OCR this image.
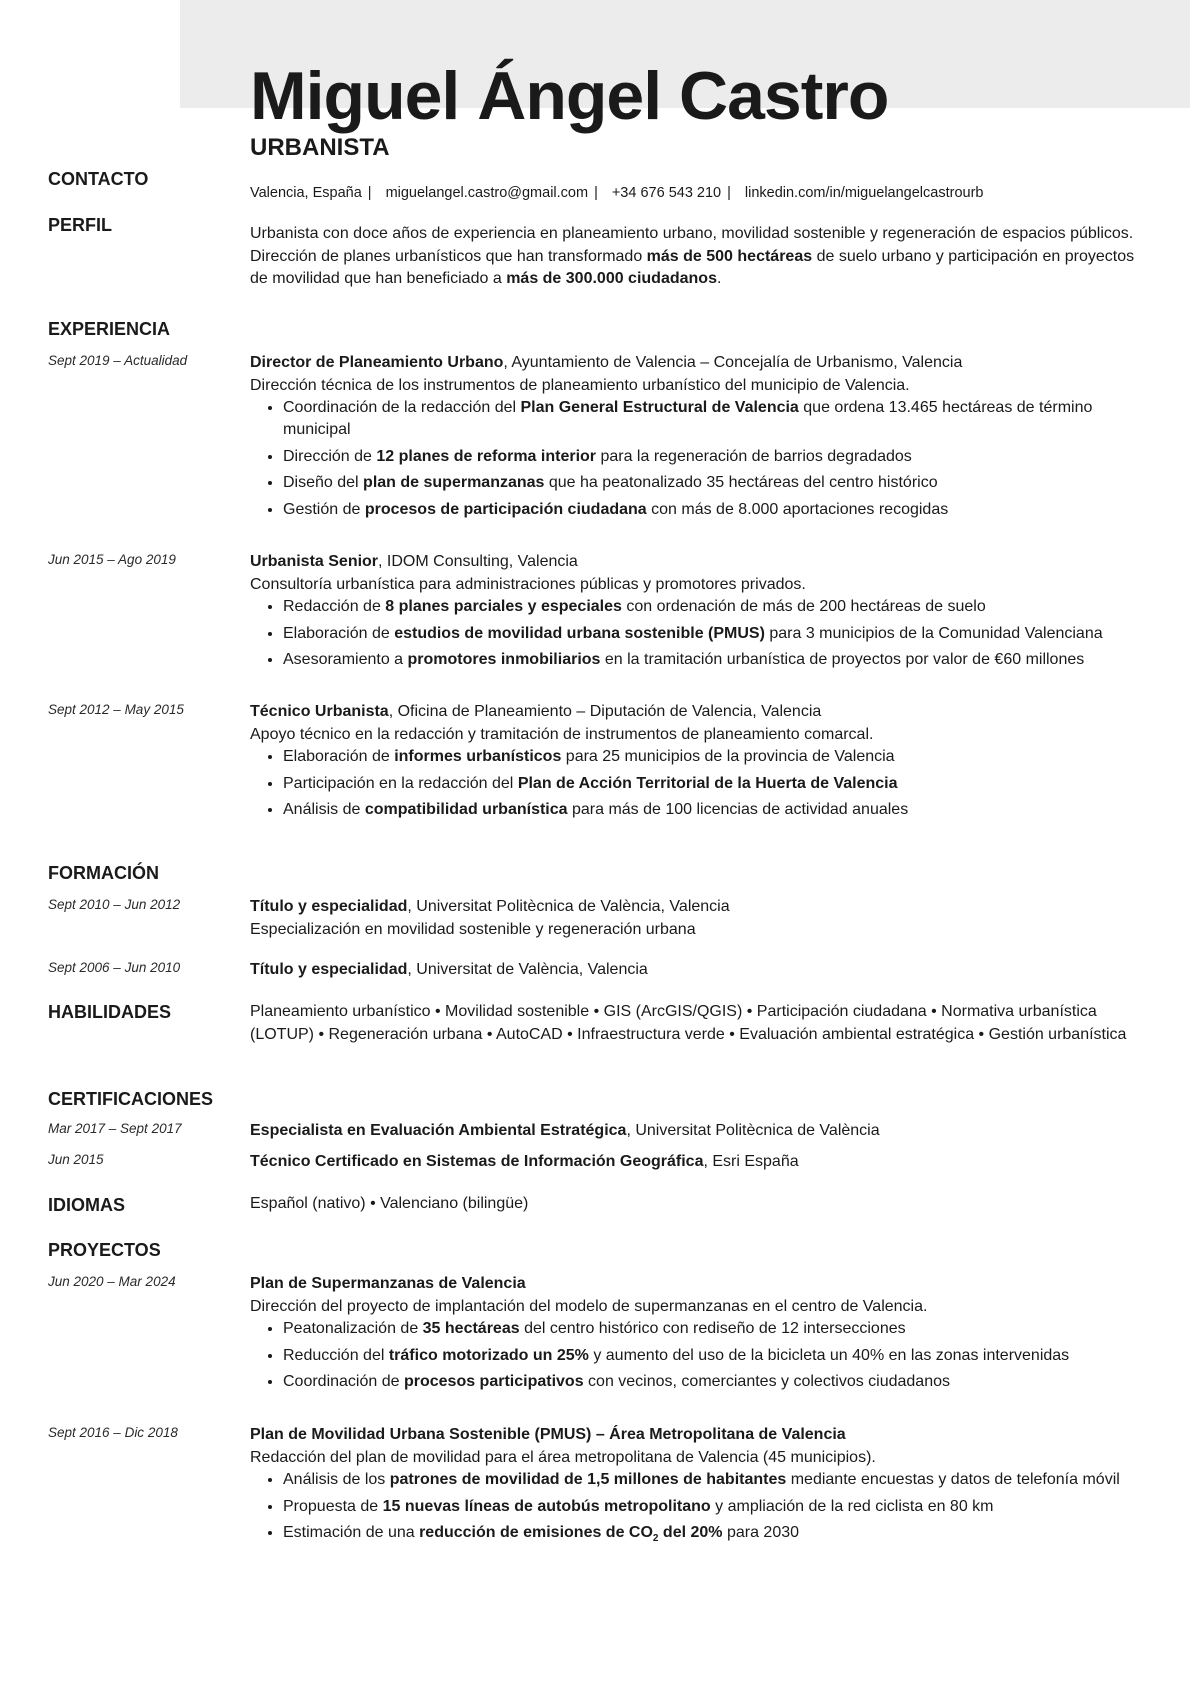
Miguel Ángel Castro
URBANISTA
CONTACTO
Valencia, España | miguelangel.castro@gmail.com | +34 676 543 210 | linkedin.com/in/miguelangelcastrourb
PERFIL	Urbanista con doce años de experiencia en planeamiento urbano, movilidad sostenible y regeneración de espacios públicos. Dirección de planes urbanísticos que han transformado más de 500 hectáreas de suelo urbano y participación en proyectos de movilidad que han beneficiado a más de 300.000 ciudadanos.

EXPERIENCIA
Sept 2019 – Actualidad	Director de Planeamiento Urbano, Ayuntamiento de Valencia – Concejalía de Urbanismo, Valencia

Dirección técnica de los instrumentos de planeamiento urbanístico del municipio de Valencia.

• Coordinación de la redacción del Plan General Estructural de Valencia que ordena 13.465 hectáreas de término municipal
• Dirección de 12 planes de reforma interior para la regeneración de barrios degradados
• Diseño del plan de supermanzanas que ha peatonalizado 35 hectáreas del centro histórico
• Gestión de procesos de participación ciudadana con más de 8.000 aportaciones recogidas
Jun 2015 – Ago 2019	Urbanista Senior, IDOM Consulting, Valencia

Consultoría urbanística para administraciones públicas y promotores privados.

• Redacción de 8 planes parciales y especiales con ordenación de más de 200 hectáreas de suelo
• Elaboración de estudios de movilidad urbana sostenible (PMUS) para 3 municipios de la Comunidad Valenciana
• Asesoramiento a promotores inmobiliarios en la tramitación urbanística de proyectos por valor de €60 millones
Sept 2012 – May 2015	Técnico Urbanista, Oficina de Planeamiento – Diputación de Valencia, Valencia

Apoyo técnico en la redacción y tramitación de instrumentos de planeamiento comarcal.

• Elaboración de informes urbanísticos para 25 municipios de la provincia de Valencia
• Participación en la redacción del Plan de Acción Territorial de la Huerta de Valencia
• Análisis de compatibilidad urbanística para más de 100 licencias de actividad anuales
FORMACIÓN
Sept 2010 – Jun 2012	Título y especialidad, Universitat Politècnica de València, Valencia

Especialización en movilidad sostenible y regeneración urbana

Sept 2006 – Jun 2010	Título y especialidad, Universitat de València, Valencia

HABILIDADES	Planeamiento urbanístico • Movilidad sostenible • GIS (ArcGIS/QGIS) • Participación ciudadana • Normativa urbanística (LOTUP) • Regeneración urbana • AutoCAD • Infraestructura verde • Evaluación ambiental estratégica • Gestión urbanística

CERTIFICACIONES
Mar 2017 – Sept 2017	Especialista en Evaluación Ambiental Estratégica, Universitat Politècnica de València

Jun 2015	Técnico Certificado en Sistemas de Información Geográfica, Esri España

IDIOMAS	Español (nativo) • Valenciano (bilingüe)

PROYECTOS
Jun 2020 – Mar 2024	Plan de Supermanzanas de Valencia

Dirección del proyecto de implantación del modelo de supermanzanas en el centro de Valencia.

• Peatonalización de 35 hectáreas del centro histórico con rediseño de 12 intersecciones
• Reducción del tráfico motorizado un 25% y aumento del uso de la bicicleta un 40% en las zonas intervenidas
• Coordinación de procesos participativos con vecinos, comerciantes y colectivos ciudadanos
Sept 2016 – Dic 2018	Plan de Movilidad Urbana Sostenible (PMUS) – Área Metropolitana de Valencia

Redacción del plan de movilidad para el área metropolitana de Valencia (45 municipios).

• Análisis de los patrones de movilidad de 1,5 millones de habitantes mediante encuestas y datos de telefonía móvil
• Propuesta de 15 nuevas líneas de autobús metropolitano y ampliación de la red ciclista en 80 km
• Estimación de una reducción de emisiones de $CO_2$ del 20% para 2030
